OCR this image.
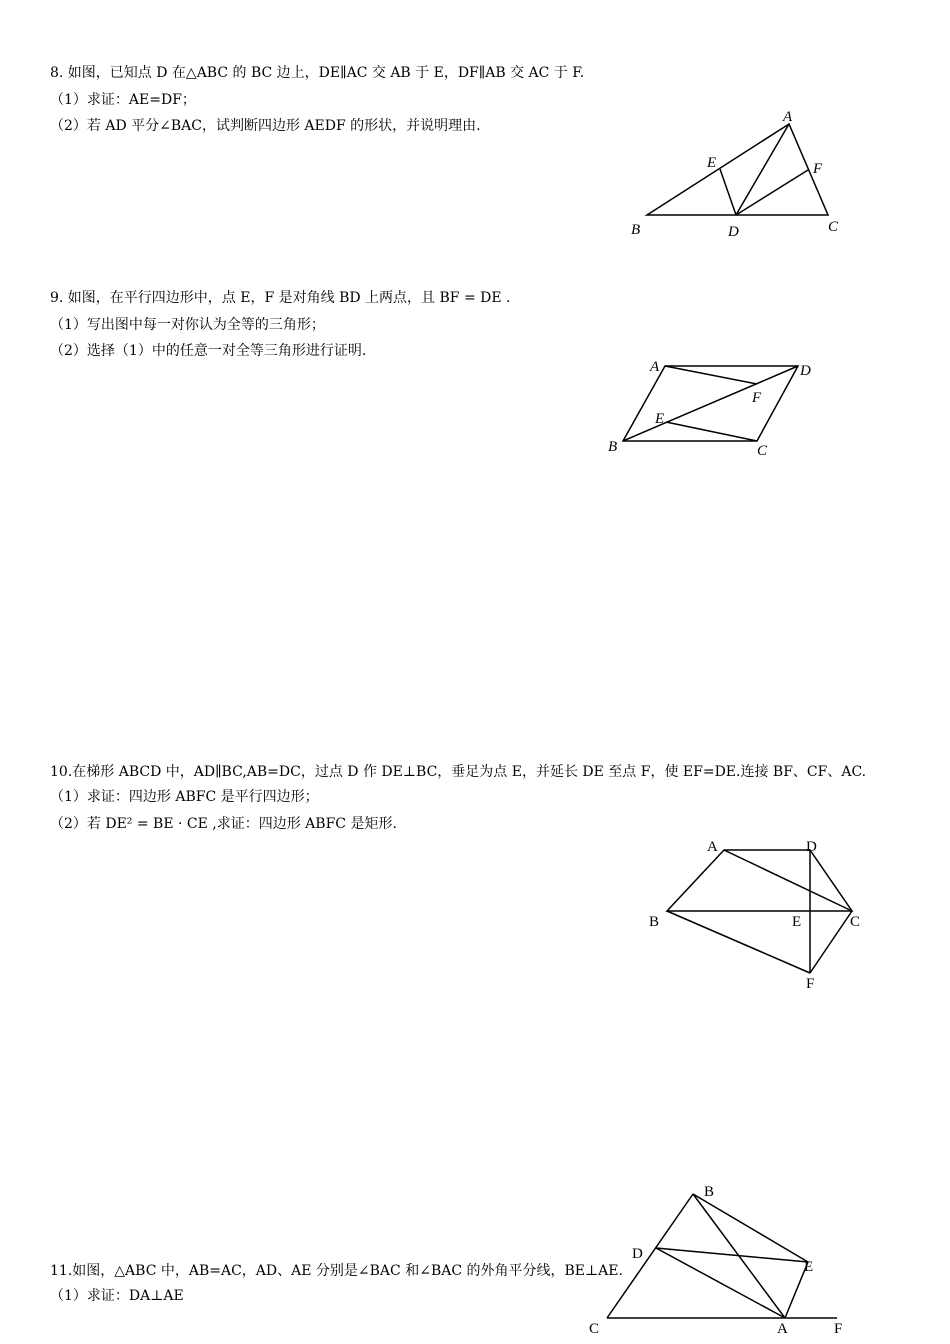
8. 如图，已知点 D 在△ABC 的 BC 边上，DE∥AC 交 AB 于 E，DF∥AB 交 AC 于 F.
（1）求证：AE=DF；
（2）若 AD 平分∠BAC，试判断四边形 AEDF 的形状，并说明理由.
A
E	F
B	D	C
9. 如图，在平行四边形中，点 E，F 是对角线 BD 上两点，且 BF = DE .
（1）写出图中每一对你认为全等的三角形；
（2）选择（1）中的任意一对全等三角形进行证明.
A	D
F
E
B	C
10.在梯形 ABCD 中，AD∥BC,AB=DC，过点 D 作 DE⊥BC，垂足为点 E，并延长 DE 至点 F，使 EF=DE.连接 BF、CF、AC.
（1）求证：四边形 ABFC 是平行四边形；
（2）若 DE² = BE · CE ,求证：四边形 ABFC 是矩形.
A	D
B	E	C
F
11.如图，△ABC 中，AB=AC，AD、AE 分别是∠BAC 和∠BAC 的外角平分线，BE⊥AE.
（1）求证：DA⊥AE
B
D
E
C	A	F
